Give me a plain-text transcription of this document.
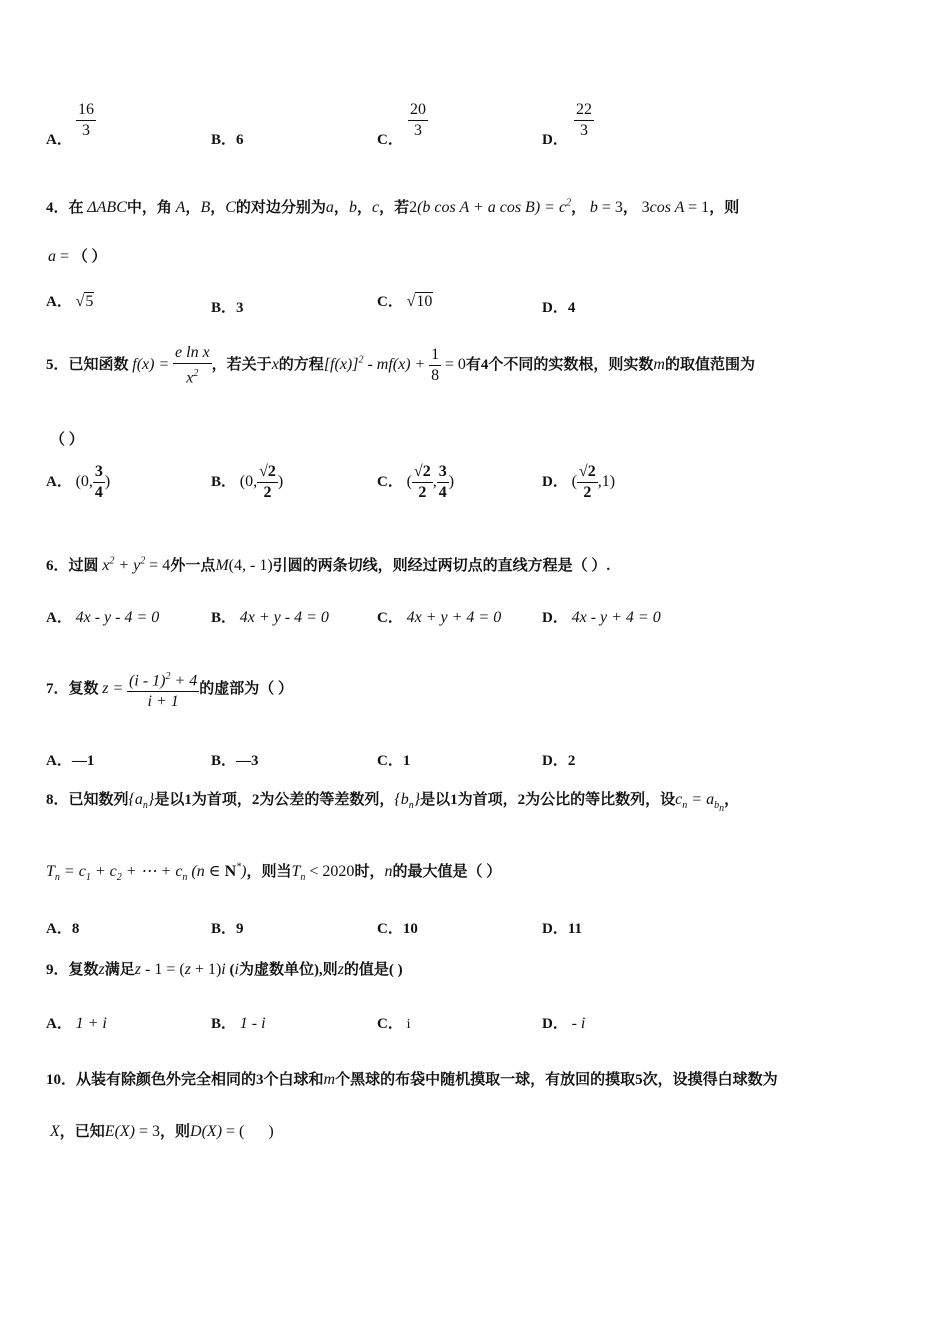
A． $\frac{16}{3}$	B．6	C． $\frac{20}{3}$	D． $\frac{22}{3}$
4．在 ΔABC中，角 A，B，C的对边分别为a，b，c，若2(b cos A + a $\cos B) = c^2$， b = 3， 3cos A = 1，则
a = （ ）
A． √5	B．3	C． √10	D．4
5．已知函数 $f(x) = \frac{\text{e ln x}}{x^2}$ ，若关于x的方程$[f(x)]^2 - mf(x) + \frac{1}{8} = 0$有4个不同的实数根，则实数m的取值范围为
（ ）
A． (0, $\frac{3}{4}$ )	B． (0, $\frac{√2}{2}$ )	C． ( $\frac{√2}{2}$ , $\frac{3}{4}$ )	D． ( $\frac{√2}{2} ,1$)
6．过圆 $x^2 + y^2 = 4$外一点M(4, - 1)引圆的两条切线，则经过两切点的直线方程是（ ）.
A． 4x - y - 4 = 0	B． 4x + y - 4 = 0	C． 4x + y + 4 = 0	D． 4x - y + 4 = 0
7．复数 $z = \frac{(i - 1)^2 + 4}{i + 1}$ 的虚部为（ ）
A．—1	B．—3	C．1	D．2
8．已知数列$\{a_n\}$是以1为首项，2为公差的等差数列，$\{b_n\}$是以1为首项，2为公比的等比数列，设$c_n = a_{b_n}$，
$T_n = c_1 + c_2$ + ⋯ + $c_n$ (n ∈ N*)，则当$T_n < 2020$时，n的最大值是（ ）
A．8	B．9	C．10	D．11
9．复数z满足z - 1 = (z + 1)i (i为虚数单位),则z的值是( )
A． 1 + i	B． 1 - i	C． i	D． - i
10．从装有除颜色外完全相同的3个白球和m个黑球的布袋中随机摸取一球，有放回的摸取5次，设摸得白球数为
X，已知E(X) = 3，则D(X) = (      )
